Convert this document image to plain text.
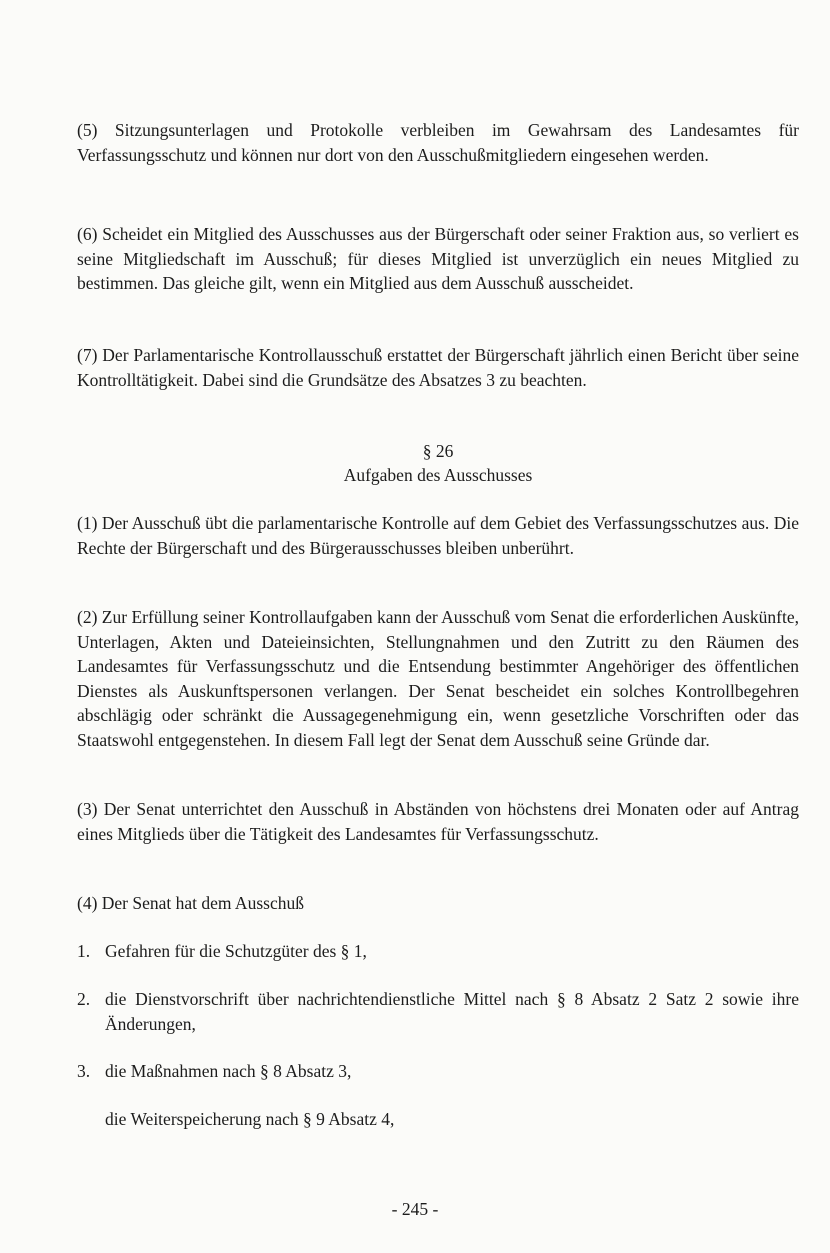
(5) Sitzungsunterlagen und Protokolle verbleiben im Gewahrsam des Landesamtes für Verfassungsschutz und können nur dort von den Ausschußmitgliedern eingesehen werden.

(6) Scheidet ein Mitglied des Ausschusses aus der Bürgerschaft oder seiner Fraktion aus, so verliert es seine Mitgliedschaft im Ausschuß; für dieses Mitglied ist unverzüglich ein neues Mitglied zu bestimmen. Das gleiche gilt, wenn ein Mitglied aus dem Ausschuß ausscheidet.

(7) Der Parlamentarische Kontrollausschuß erstattet der Bürgerschaft jährlich einen Bericht über seine Kontrolltätigkeit. Dabei sind die Grundsätze des Absatzes 3 zu beachten.

§ 26

Aufgaben des Ausschusses

(1) Der Ausschuß übt die parlamentarische Kontrolle auf dem Gebiet des Verfassungsschutzes aus. Die Rechte der Bürgerschaft und des Bürgerausschusses bleiben unberührt.

(2) Zur Erfüllung seiner Kontrollaufgaben kann der Ausschuß vom Senat die erforderlichen Auskünfte, Unterlagen, Akten und Dateieinsichten, Stellungnahmen und den Zutritt zu den Räumen des Landesamtes für Verfassungsschutz und die Entsendung bestimmter Angehöriger des öffentlichen Dienstes als Auskunftspersonen verlangen. Der Senat bescheidet ein solches Kontrollbegehren abschlägig oder schränkt die Aussagegenehmigung ein, wenn gesetzliche Vorschriften oder das Staatswohl entgegenstehen. In diesem Fall legt der Senat dem Ausschuß seine Gründe dar.

(3) Der Senat unterrichtet den Ausschuß in Abständen von höchstens drei Monaten oder auf Antrag eines Mitglieds über die Tätigkeit des Landesamtes für Verfassungsschutz.

(4) Der Senat hat dem Ausschuß

1. Gefahren für die Schutzgüter des § 1,
2. die Dienstvorschrift über nachrichtendienstliche Mittel nach § 8 Absatz 2 Satz 2 sowie ihre Änderungen,
3. die Maßnahmen nach § 8 Absatz 3,
die Weiterspeicherung nach § 9 Absatz 4,
- 245 -
